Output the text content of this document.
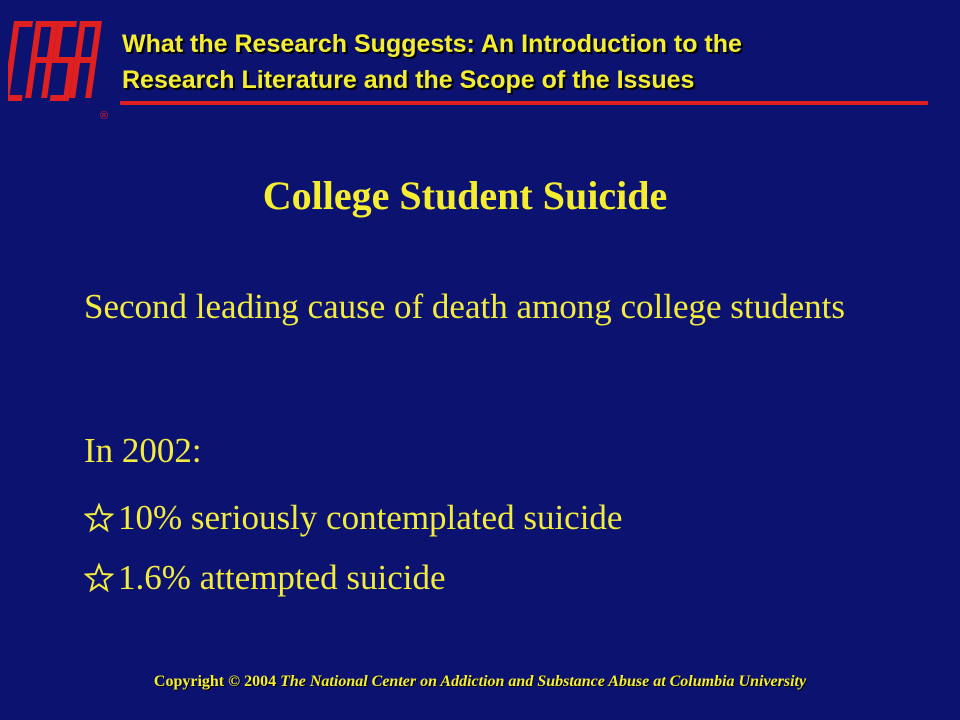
®
What the Research Suggests: An Introduction to the
Research Literature and the Scope of the Issues
College Student Suicide
Second leading cause of death among college students
In 2002:
10% seriously contemplated suicide
1.6% attempted suicide
Copyright © 2004 The National Center on Addiction and Substance Abuse at Columbia University
